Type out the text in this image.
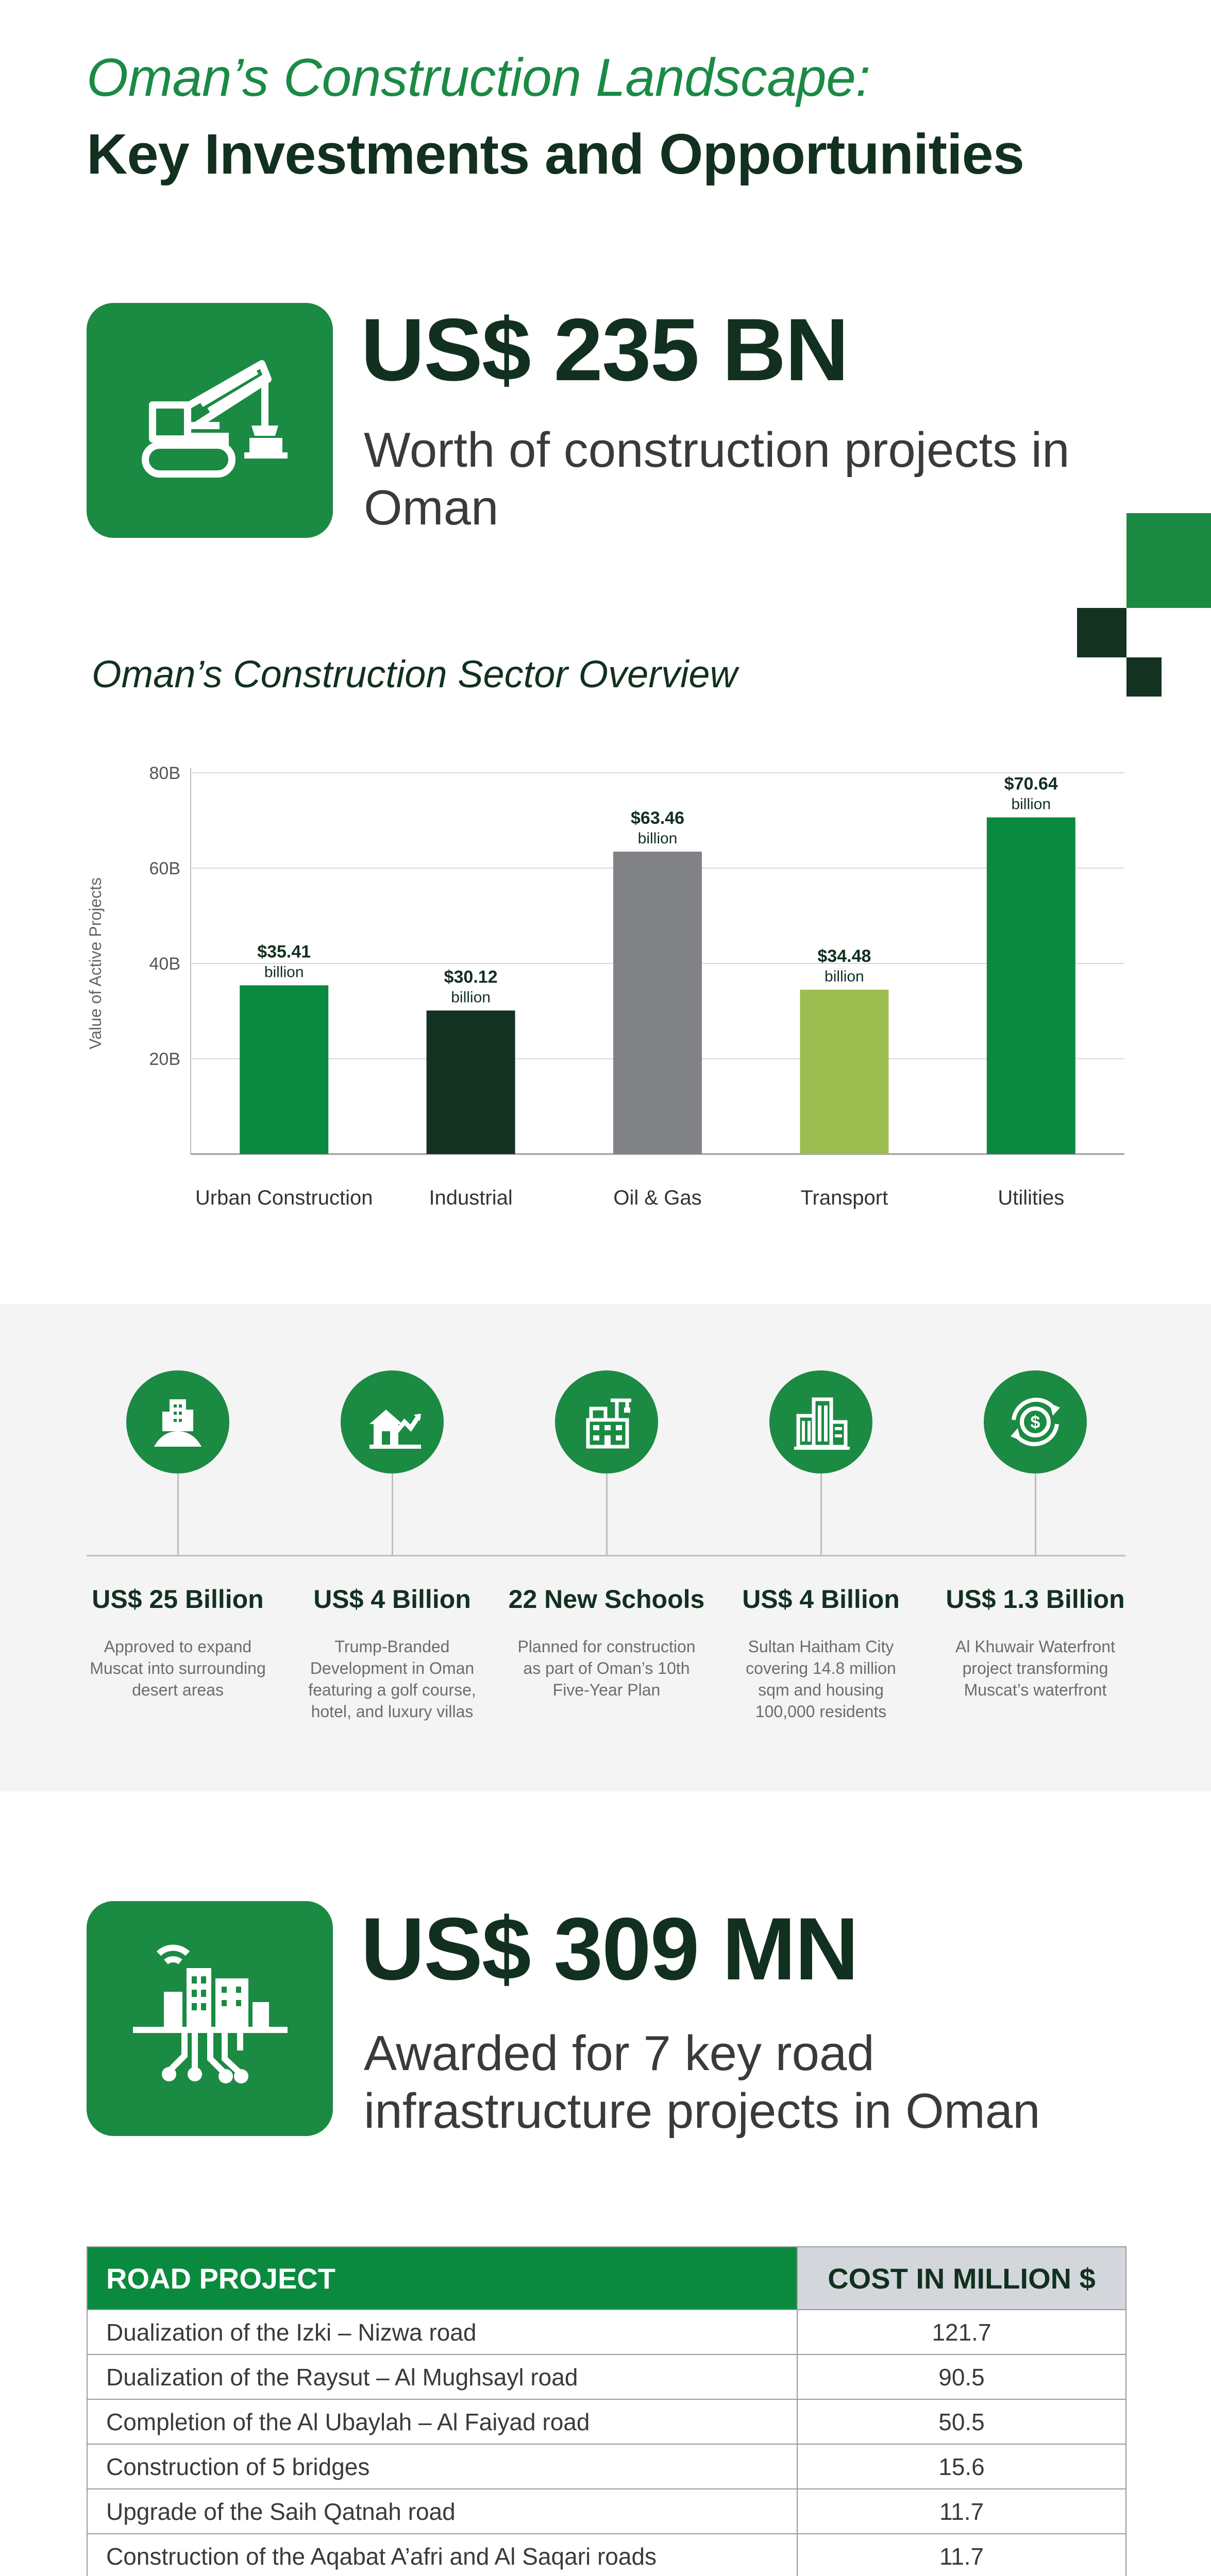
Oman’s Construction Landscape:
Key Investments and Opportunities
US$ 235 BN
Worth of construction projects in Oman
Oman’s Construction Sector Overview
20B
40B
60B
80B
Value of Active Projects	$35.41
billion
Urban Construction
$30.12
billion
Industrial
$63.46
billion
Oil & Gas
$34.48
billion
Transport
$70.64
billion
Utilities
US$ 25 Billion
Approved to expand Muscat into surrounding desert areas
US$ 4 Billion
Trump-Branded Development in Oman featuring a golf course, hotel, and luxury villas
22 New Schools
Planned for construction as part of Oman’s 10th Five-Year Plan
US$ 4 Billion
Sultan Haitham City covering 14.8 million sqm and housing 100,000 residents
$
US$ 1.3 Billion
Al Khuwair Waterfront project transforming Muscat’s waterfront
US$ 309 MN
Awarded for 7 key road infrastructure projects in Oman
ROAD PROJECT	COST IN MILLION $
Dualization of the Izki – Nizwa road	121.7
Dualization of the Raysut – Al Mughsayl road	90.5
Completion of the Al Ubaylah – Al Faiyad road	50.5
Construction of 5 bridges	15.6
Upgrade of the Saih Qatnah road	11.7
Construction of the Aqabat A’afri and Al Saqari roads	11.7
